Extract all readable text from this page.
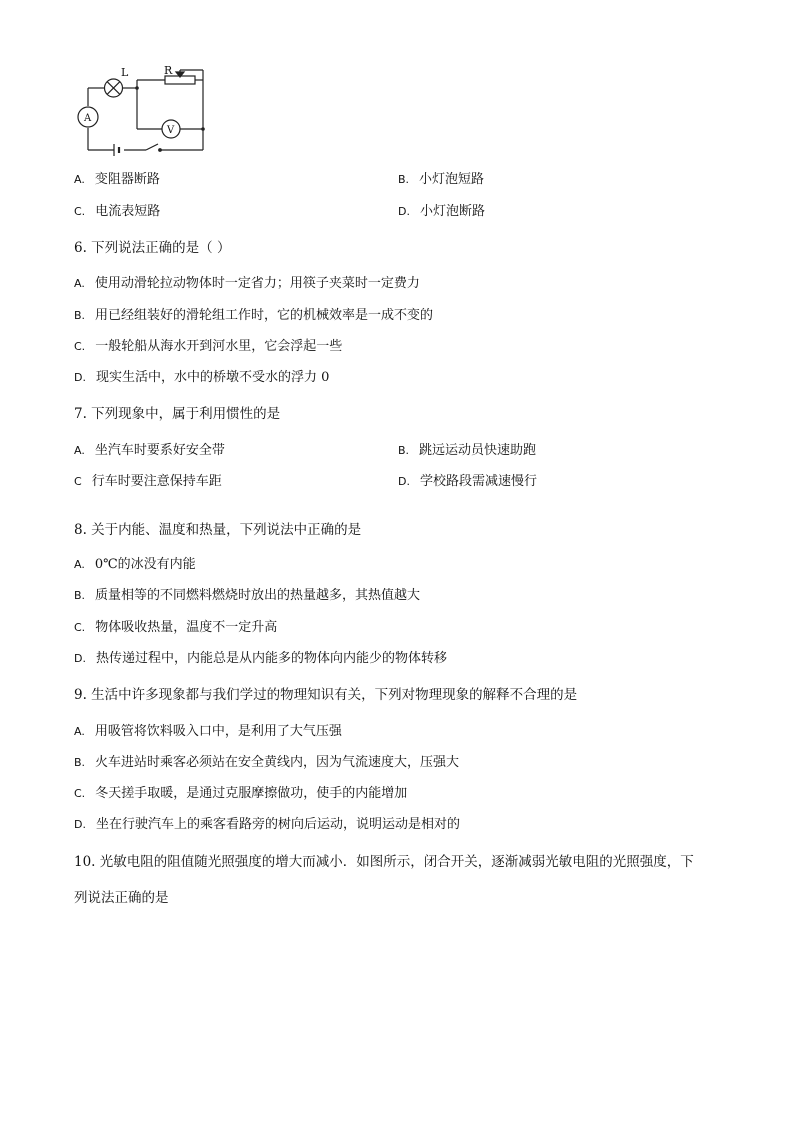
L	R
A
V
A. 变阻器断路	B. 小灯泡短路
C. 电流表短路	D. 小灯泡断路
6. 下列说法正确的是（ ）
A. 使用动滑轮拉动物体时一定省力；用筷子夹菜时一定费力
B. 用已经组装好的滑轮组工作时，它的机械效率是一成不变的
C. 一般轮船从海水开到河水里，它会浮起一些
D. 现实生活中，水中的桥墩不受水的浮力 0
7. 下列现象中，属于利用惯性的是
A. 坐汽车时要系好安全带	B. 跳远运动员快速助跑
C 行车时要注意保持车距	D. 学校路段需减速慢行
8. 关于内能、温度和热量，下列说法中正确的是
A. 0℃的冰没有内能
B. 质量相等的不同燃料燃烧时放出的热量越多，其热值越大
C. 物体吸收热量，温度不一定升高
D. 热传递过程中，内能总是从内能多的物体向内能少的物体转移
9. 生活中许多现象都与我们学过的物理知识有关，下列对物理现象的解释不合理的是
A. 用吸管将饮料吸入口中，是利用了大气压强
B. 火车进站时乘客必须站在安全黄线内，因为气流速度大，压强大
C. 冬天搓手取暖，是通过克服摩擦做功，使手的内能增加
D. 坐在行驶汽车上的乘客看路旁的树向后运动，说明运动是相对的
10. 光敏电阻的阻值随光照强度的增大而减小．如图所示，闭合开关，逐渐减弱光敏电阻的光照强度，下
列说法正确的是
